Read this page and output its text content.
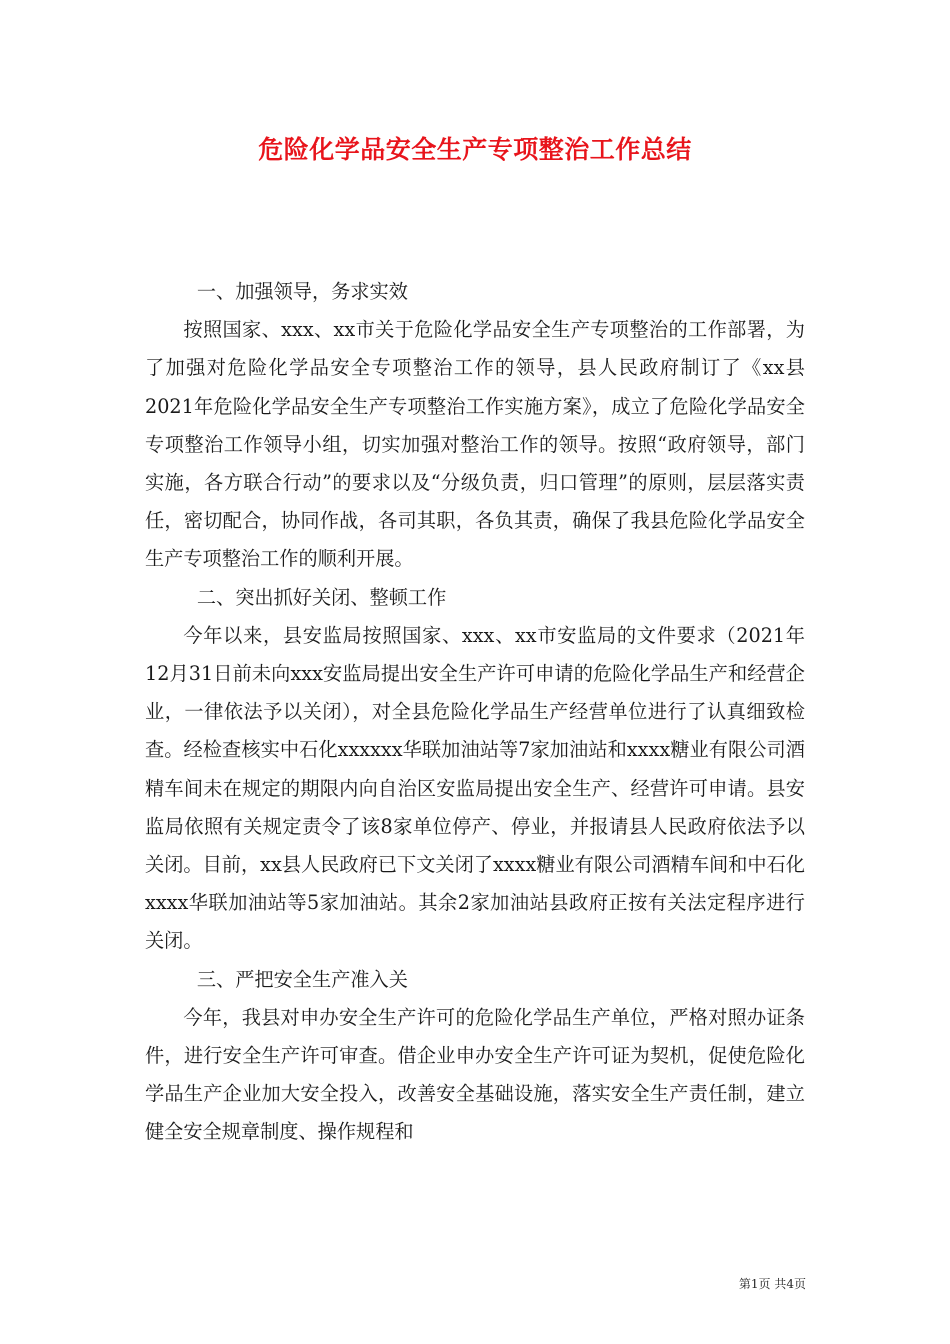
危险化学品安全生产专项整治工作总结

一、加强领导，务求实效

按照国家、xxx、xx市关于危险化学品安全生产专项整治的工作部署，为了加强对危险化学品安全专项整治工作的领导，县人民政府制订了《xx县2021年危险化学品安全生产专项整治工作实施方案》，成立了危险化学品安全专项整治工作领导小组，切实加强对整治工作的领导。按照“政府领导，部门实施，各方联合行动”的要求以及“分级负责，归口管理”的原则，层层落实责任，密切配合，协同作战，各司其职，各负其责，确保了我县危险化学品安全生产专项整治工作的顺利开展。

二、突出抓好关闭、整顿工作

今年以来，县安监局按照国家、xxx、xx市安监局的文件要求（2021年12月31日前未向xxx安监局提出安全生产许可申请的危险化学品生产和经营企业，一律依法予以关闭），对全县危险化学品生产经营单位进行了认真细致检查。经检查核实中石化xxxxxx华联加油站等7家加油站和xxxx糖业有限公司酒精车间未在规定的期限内向自治区安监局提出安全生产、经营许可申请。县安监局依照有关规定责令了该8家单位停产、停业，并报请县人民政府依法予以关闭。目前，xx县人民政府已下文关闭了xxxx糖业有限公司酒精车间和中石化xxxx华联加油站等5家加油站。其余2家加油站县政府正按有关法定程序进行关闭。

三、严把安全生产准入关

今年，我县对申办安全生产许可的危险化学品生产单位，严格对照办证条件，进行安全生产许可审查。借企业申办安全生产许可证为契机，促使危险化学品生产企业加大安全投入，改善安全基础设施，落实安全生产责任制，建立健全安全规章制度、操作规程和

第1页 共4页
